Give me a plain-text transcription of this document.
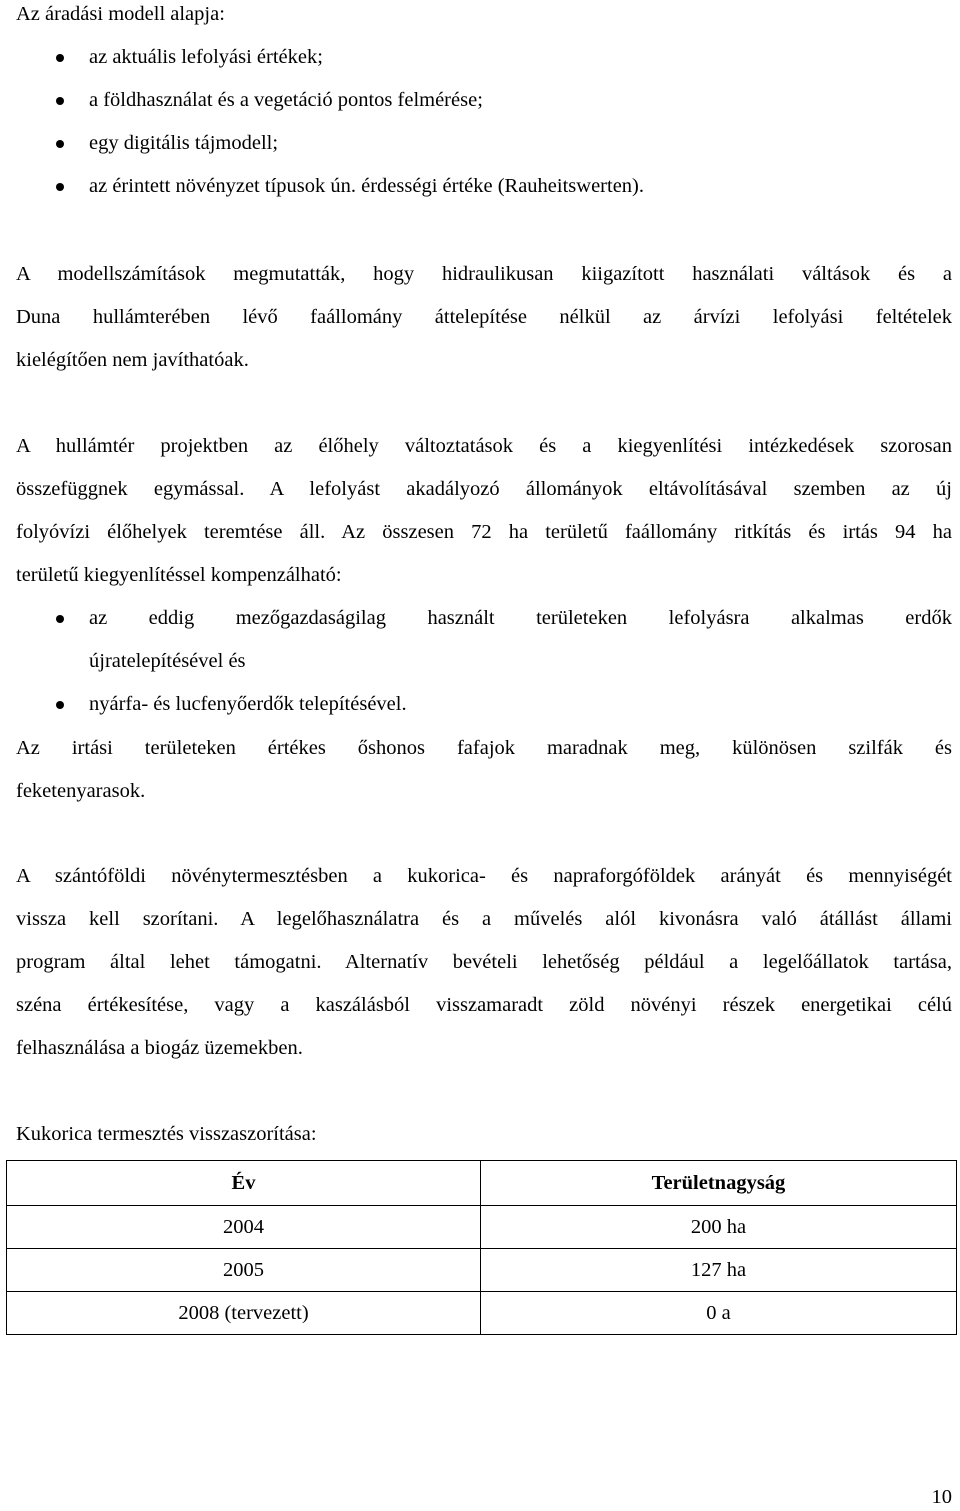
Az áradási modell alapja:
az aktuális lefolyási értékek;
a földhasználat és a vegetáció pontos felmérése;
egy digitális tájmodell;
az érintett növényzet típusok ún. érdességi értéke (Rauheitswerten).
A modellszámítások megmutatták, hogy hidraulikusan kiigazított használati váltások és a
Duna hullámterében lévő faállomány áttelepítése nélkül az árvízi lefolyási feltételek
kielégítően nem javíthatóak.
A hullámtér projektben az élőhely változtatások és a kiegyenlítési intézkedések szorosan
összefüggnek egymással. A lefolyást akadályozó állományok eltávolításával szemben az új
folyóvízi élőhelyek teremtése áll. Az összesen 72 ha területű faállomány ritkítás és irtás 94 ha
területű kiegyenlítéssel kompenzálható:
az eddig mezőgazdaságilag használt területeken lefolyásra alkalmas erdők
újratelepítésével és
nyárfa- és lucfenyőerdők telepítésével.
Az irtási területeken értékes őshonos fafajok maradnak meg, különösen szilfák és
feketenyarasok.
A szántóföldi növénytermesztésben a kukorica- és napraforgóföldek arányát és mennyiségét
vissza kell szorítani. A legelőhasználatra és a művelés alól kivonásra való átállást állami
program által lehet támogatni. Alternatív bevételi lehetőség például a legelőállatok tartása,
széna értékesítése, vagy a kaszálásból visszamaradt zöld növényi részek energetikai célú
felhasználása a biogáz üzemekben.
Kukorica termesztés visszaszorítása:
Év	Területnagyság
2004	200 ha
2005	127 ha
2008 (tervezett)	0 a
10
